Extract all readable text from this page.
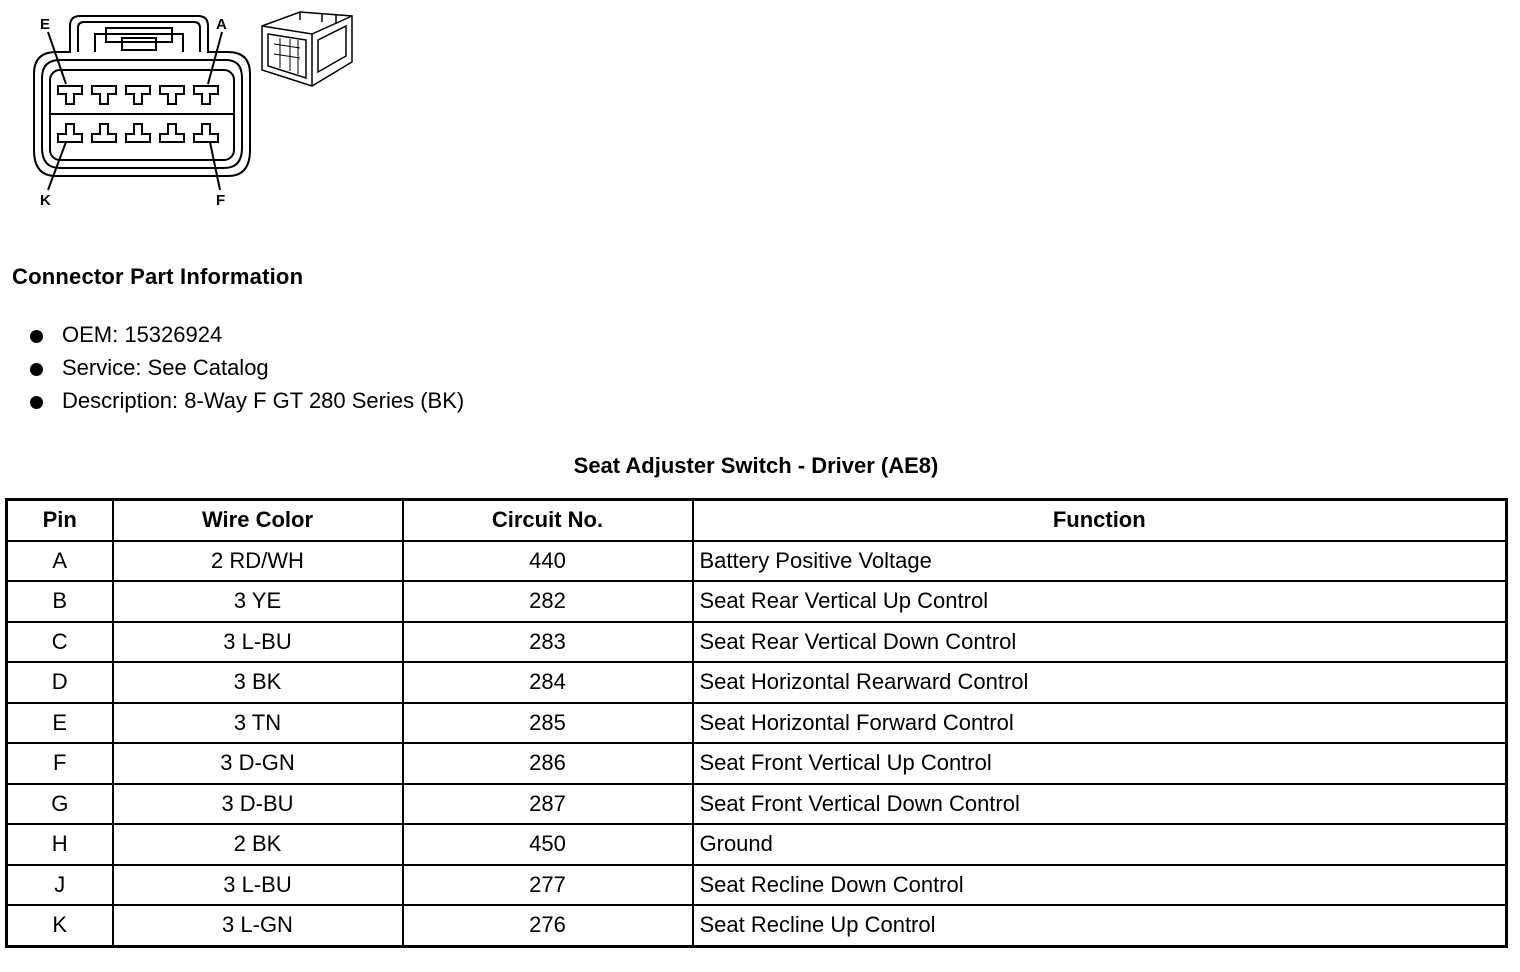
E	A
K	F
Connector Part Information
OEM: 15326924
Service: See Catalog
Description: 8-Way F GT 280 Series (BK)
Seat Adjuster Switch - Driver (AE8)
Pin	Wire Color	Circuit No.	Function
A	2 RD/WH	440	Battery Positive Voltage
B	3 YE	282	Seat Rear Vertical Up Control
C	3 L-BU	283	Seat Rear Vertical Down Control
D	3 BK	284	Seat Horizontal Rearward Control
E	3 TN	285	Seat Horizontal Forward Control
F	3 D-GN	286	Seat Front Vertical Up Control
G	3 D-BU	287	Seat Front Vertical Down Control
H	2 BK	450	Ground
J	3 L-BU	277	Seat Recline Down Control
K	3 L-GN	276	Seat Recline Up Control
